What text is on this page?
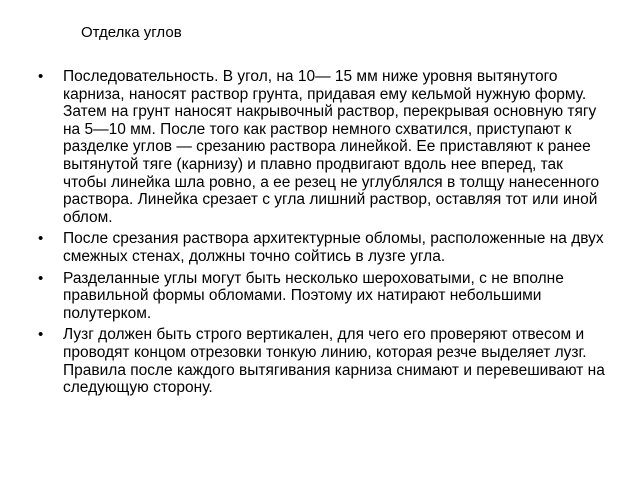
Отделка углов
• Последовательность. В угол, на 10— 15 мм ниже уровня вытянутого карниза, наносят раствор грунта, придавая ему кельмой нужную форму. Затем на грунт наносят накрывочный раствор, перекрывая основную тягу на 5—10 мм. После того как раствор немного схватился, приступают к разделке углов — срезанию раствора линейкой. Ее приставляют к ранее вытянутой тяге (карнизу) и плавно продвигают вдоль нее вперед, так чтобы линейка шла ровно, а ее резец не углублялся в толщу нанесенного раствора. Линейка срезает с угла лишний раствор, оставляя тот или иной облом.
• После срезания раствора архитектурные обломы, расположенные на двух смежных стенах, должны точно сойтись в лузге угла.
• Разделанные углы могут быть несколько шероховатыми, с не вполне правильной формы обломами. Поэтому их натирают небольшими полутерком.
• Лузг должен быть строго вертикален, для чего его проверяют отвесом и проводят концом отрезовки тонкую линию, которая резче выделяет лузг. Правила после каждого вытягивания карниза снимают и перевешивают на следующую сторону.
